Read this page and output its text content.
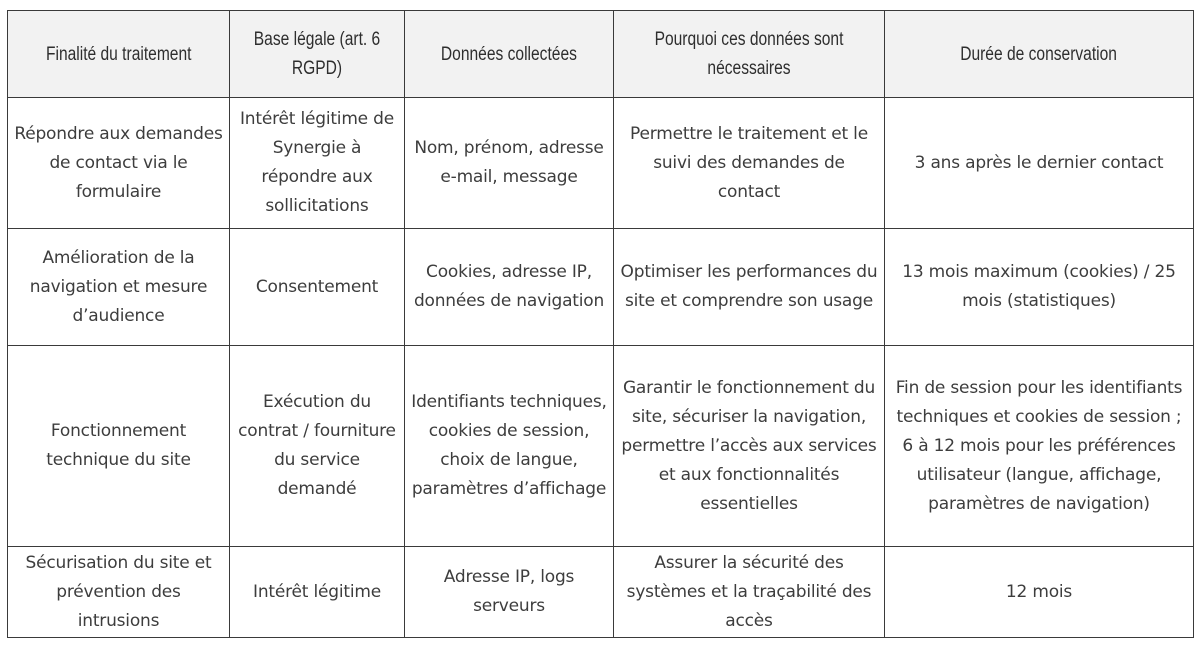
Finalité du traitement	Base légale (art. 6 RGPD)	Données collectées	Pourquoi ces données sont nécessaires	Durée de conservation
Répondre aux demandes de contact via le formulaire	Intérêt légitime de Synergie à répondre aux sollicitations	Nom, prénom, adresse e-mail, message	Permettre le traitement et le suivi des demandes de contact	3 ans après le dernier contact
Amélioration de la navigation et mesure d’audience	Consentement	Cookies, adresse IP, données de navigation	Optimiser les performances du site et comprendre son usage	13 mois maximum (cookies) / 25 mois (statistiques)
Fonctionnement technique du site	Exécution du contrat / fourniture du service demandé	Identifiants techniques, cookies de session, choix de langue, paramètres d’affichage	Garantir le fonctionnement du site, sécuriser la navigation, permettre l’accès aux services et aux fonctionnalités essentielles	Fin de session pour les identifiants techniques et cookies de session ; 6 à 12 mois pour les préférences utilisateur (langue, affichage, paramètres de navigation)
Sécurisation du site et prévention des intrusions	Intérêt légitime	Adresse IP, logs serveurs	Assurer la sécurité des systèmes et la traçabilité des accès	12 mois
